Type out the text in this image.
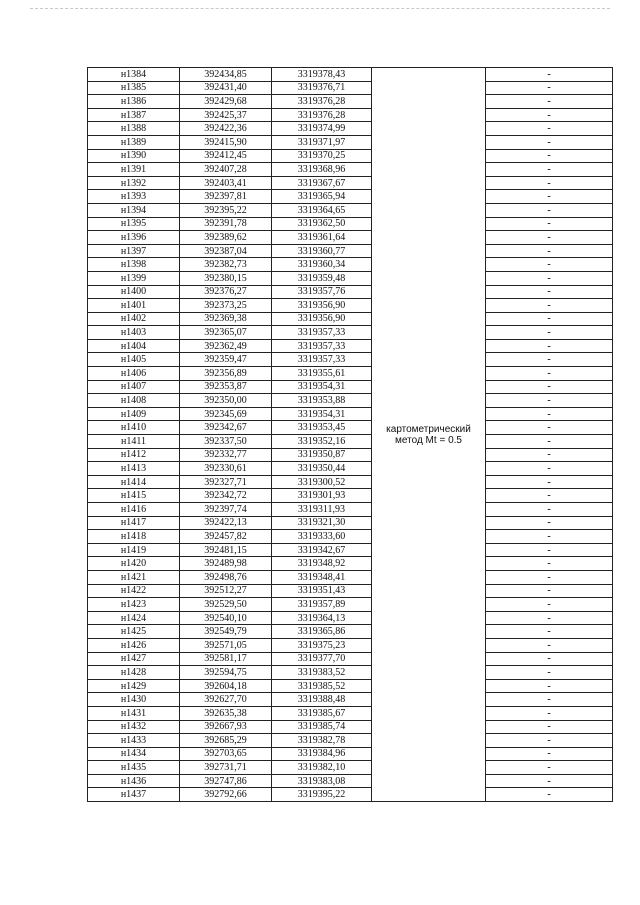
н1384	392434,85	3319378,43	картометрический
метод Mt = 0.5	-
н1385	392431,40	3319376,71		-
н1386	392429,68	3319376,28		-
н1387	392425,37	3319376,28		-
н1388	392422,36	3319374,99		-
н1389	392415,90	3319371,97		-
н1390	392412,45	3319370,25		-
н1391	392407,28	3319368,96		-
н1392	392403,41	3319367,67		-
н1393	392397,81	3319365,94		-
н1394	392395,22	3319364,65		-
н1395	392391,78	3319362,50		-
н1396	392389,62	3319361,64		-
н1397	392387,04	3319360,77		-
н1398	392382,73	3319360,34		-
н1399	392380,15	3319359,48		-
н1400	392376,27	3319357,76		-
н1401	392373,25	3319356,90		-
н1402	392369,38	3319356,90		-
н1403	392365,07	3319357,33		-
н1404	392362,49	3319357,33		-
н1405	392359,47	3319357,33		-
н1406	392356,89	3319355,61		-
н1407	392353,87	3319354,31		-
н1408	392350,00	3319353,88		-
н1409	392345,69	3319354,31		-
н1410	392342,67	3319353,45		-
н1411	392337,50	3319352,16		-
н1412	392332,77	3319350,87		-
н1413	392330,61	3319350,44		-
н1414	392327,71	3319300,52		-
н1415	392342,72	3319301,93		-
н1416	392397,74	3319311,93		-
н1417	392422,13	3319321,30		-
н1418	392457,82	3319333,60		-
н1419	392481,15	3319342,67		-
н1420	392489,98	3319348,92		-
н1421	392498,76	3319348,41		-
н1422	392512,27	3319351,43		-
н1423	392529,50	3319357,89		-
н1424	392540,10	3319364,13		-
н1425	392549,79	3319365,86		-
н1426	392571,05	3319375,23		-
н1427	392581,17	3319377,70		-
н1428	392594,75	3319383,52		-
н1429	392604,18	3319385,52		-
н1430	392627,70	3319388,48		-
н1431	392635,38	3319385,67		-
н1432	392667,93	3319385,74		-
н1433	392685,29	3319382,78		-
н1434	392703,65	3319384,96		-
н1435	392731,71	3319382,10		-
н1436	392747,86	3319383,08		-
н1437	392792,66	3319395,22		-
